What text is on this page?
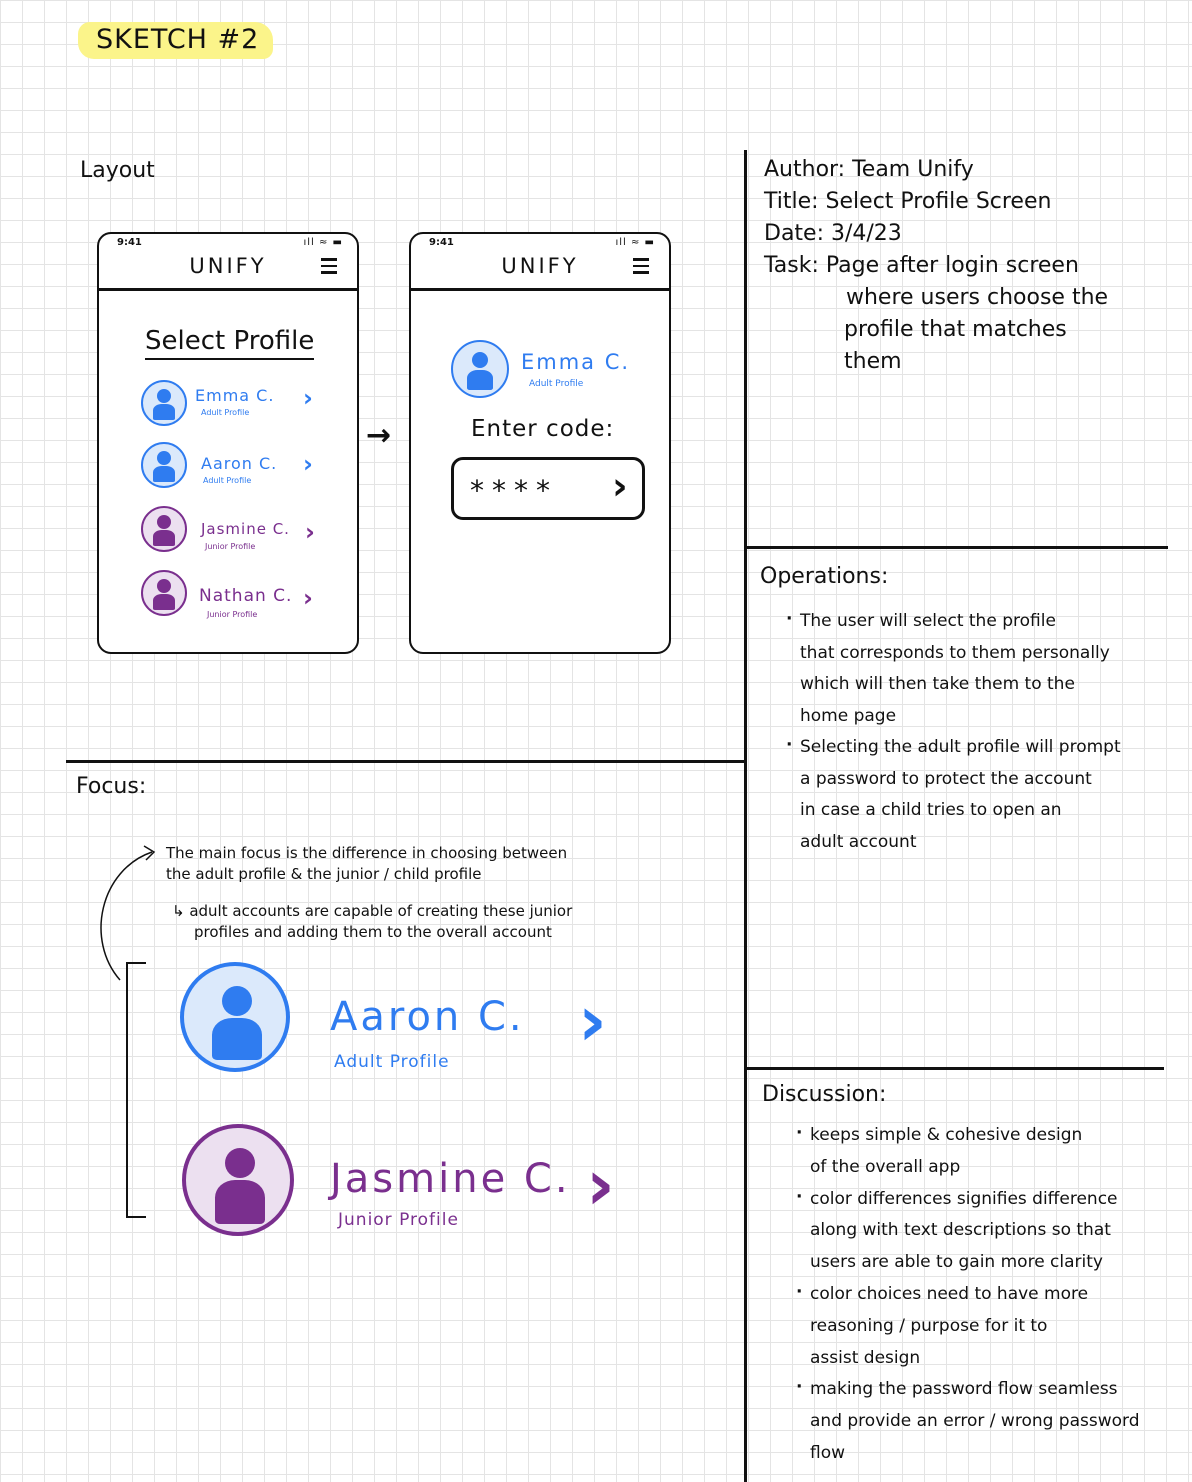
SKETCH #2
Layout
9:41	ıll ≈ ▬
UNIFY
Select Profile
Emma C.
Adult Profile
›
Aaron C.
Adult Profile
›
Jasmine C.
Junior Profile
›
Nathan C.
Junior Profile
›
→
9:41	ıll ≈ ▬
UNIFY
Emma C.
Adult Profile
Enter code:
**** ›
Author: Team Unify
Title: Select Profile Screen
Date: 3/4/23
Task: Page after login screen
where users choose the
profile that matches
them
Operations:
· The user will select the profile
that corresponds to them personally
which will then take them to the
home page
· Selecting the adult profile will prompt
a password to protect the account
in case a child tries to open an
adult account
Discussion:
· keeps simple & cohesive design
of the overall app
· color differences signifies difference
along with text descriptions so that
users are able to gain more clarity
· color choices need to have more
reasoning / purpose for it to
assist design
· making the password flow seamless
and provide an error / wrong password
flow
Focus:
The main focus is the difference in choosing between
the adult profile & the junior / child profile
↳ adult accounts are capable of creating these junior
profiles and adding them to the overall account
Aaron C.
Adult Profile ›
Jasmine C.
Junior Profile ›
